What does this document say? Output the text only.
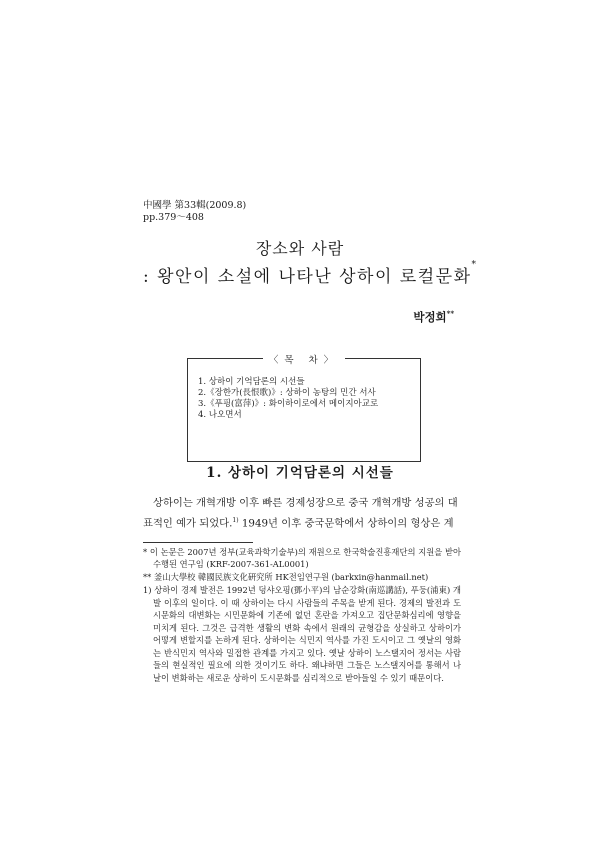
中國學 第33輯(2009.8)
pp.379～408
장소와 사람
: 왕안이 소설에 나타난 상하이 로컬문화*
박정희**
〈목 차〉
1. 상하이 기억담론의 시선들
2.《장한가(長恨歌)》: 상하이 농탕의 민간 서사
3.《푸핑(富萍)》: 화이하이로에서 메이지아교로
4. 나오면서
1. 상하이 기억담론의 시선들

상하이는 개혁개방 이후 빠른 경제성장으로 중국 개혁개방 성공의 대
표적인 예가 되었다.$^{1)}$ 1949년 이후 중국문학에서 상하이의 형상은 계

* 이 논문은 2007년 정부(교육과학기술부)의 재원으로 한국학술진흥재단의 지원을 받아 수행된 연구임 (KRF-2007-361-AL0001)

** 釜山大學校 韓國民族文化硏究所 HK전임연구원 (barkxin@hanmail.net)

1) 상하이 경제 발전은 1992년 덩샤오핑(鄧小平)의 남순강화(南巡講話), 푸둥(浦東) 개발 이후의 일이다. 이 때 상하이는 다시 사람들의 주목을 받게 된다. 경제의 발전과 도시문화의 대변화는 시민문화에 기존에 없던 혼란을 가져오고 집단문화심리에 영향을 미치게 된다. 그것은 급격한 생활의 변화 속에서 원래의 균형감을 상실하고 상하이가 어떻게 변할지를 논하게 된다. 상하이는 식민지 역사를 가진 도시이고 그 옛날의 영화는 반식민지 역사와 밀접한 관계를 가지고 있다. 옛날 상하이 노스탤지어 정서는 사람들의 현실적인 필요에 의한 것이기도 하다. 왜냐하면 그들은 노스탤지어를 통해서 나날이 변화하는 새로운 상하이 도시문화를 심리적으로 받아들일 수 있기 때문이다.
